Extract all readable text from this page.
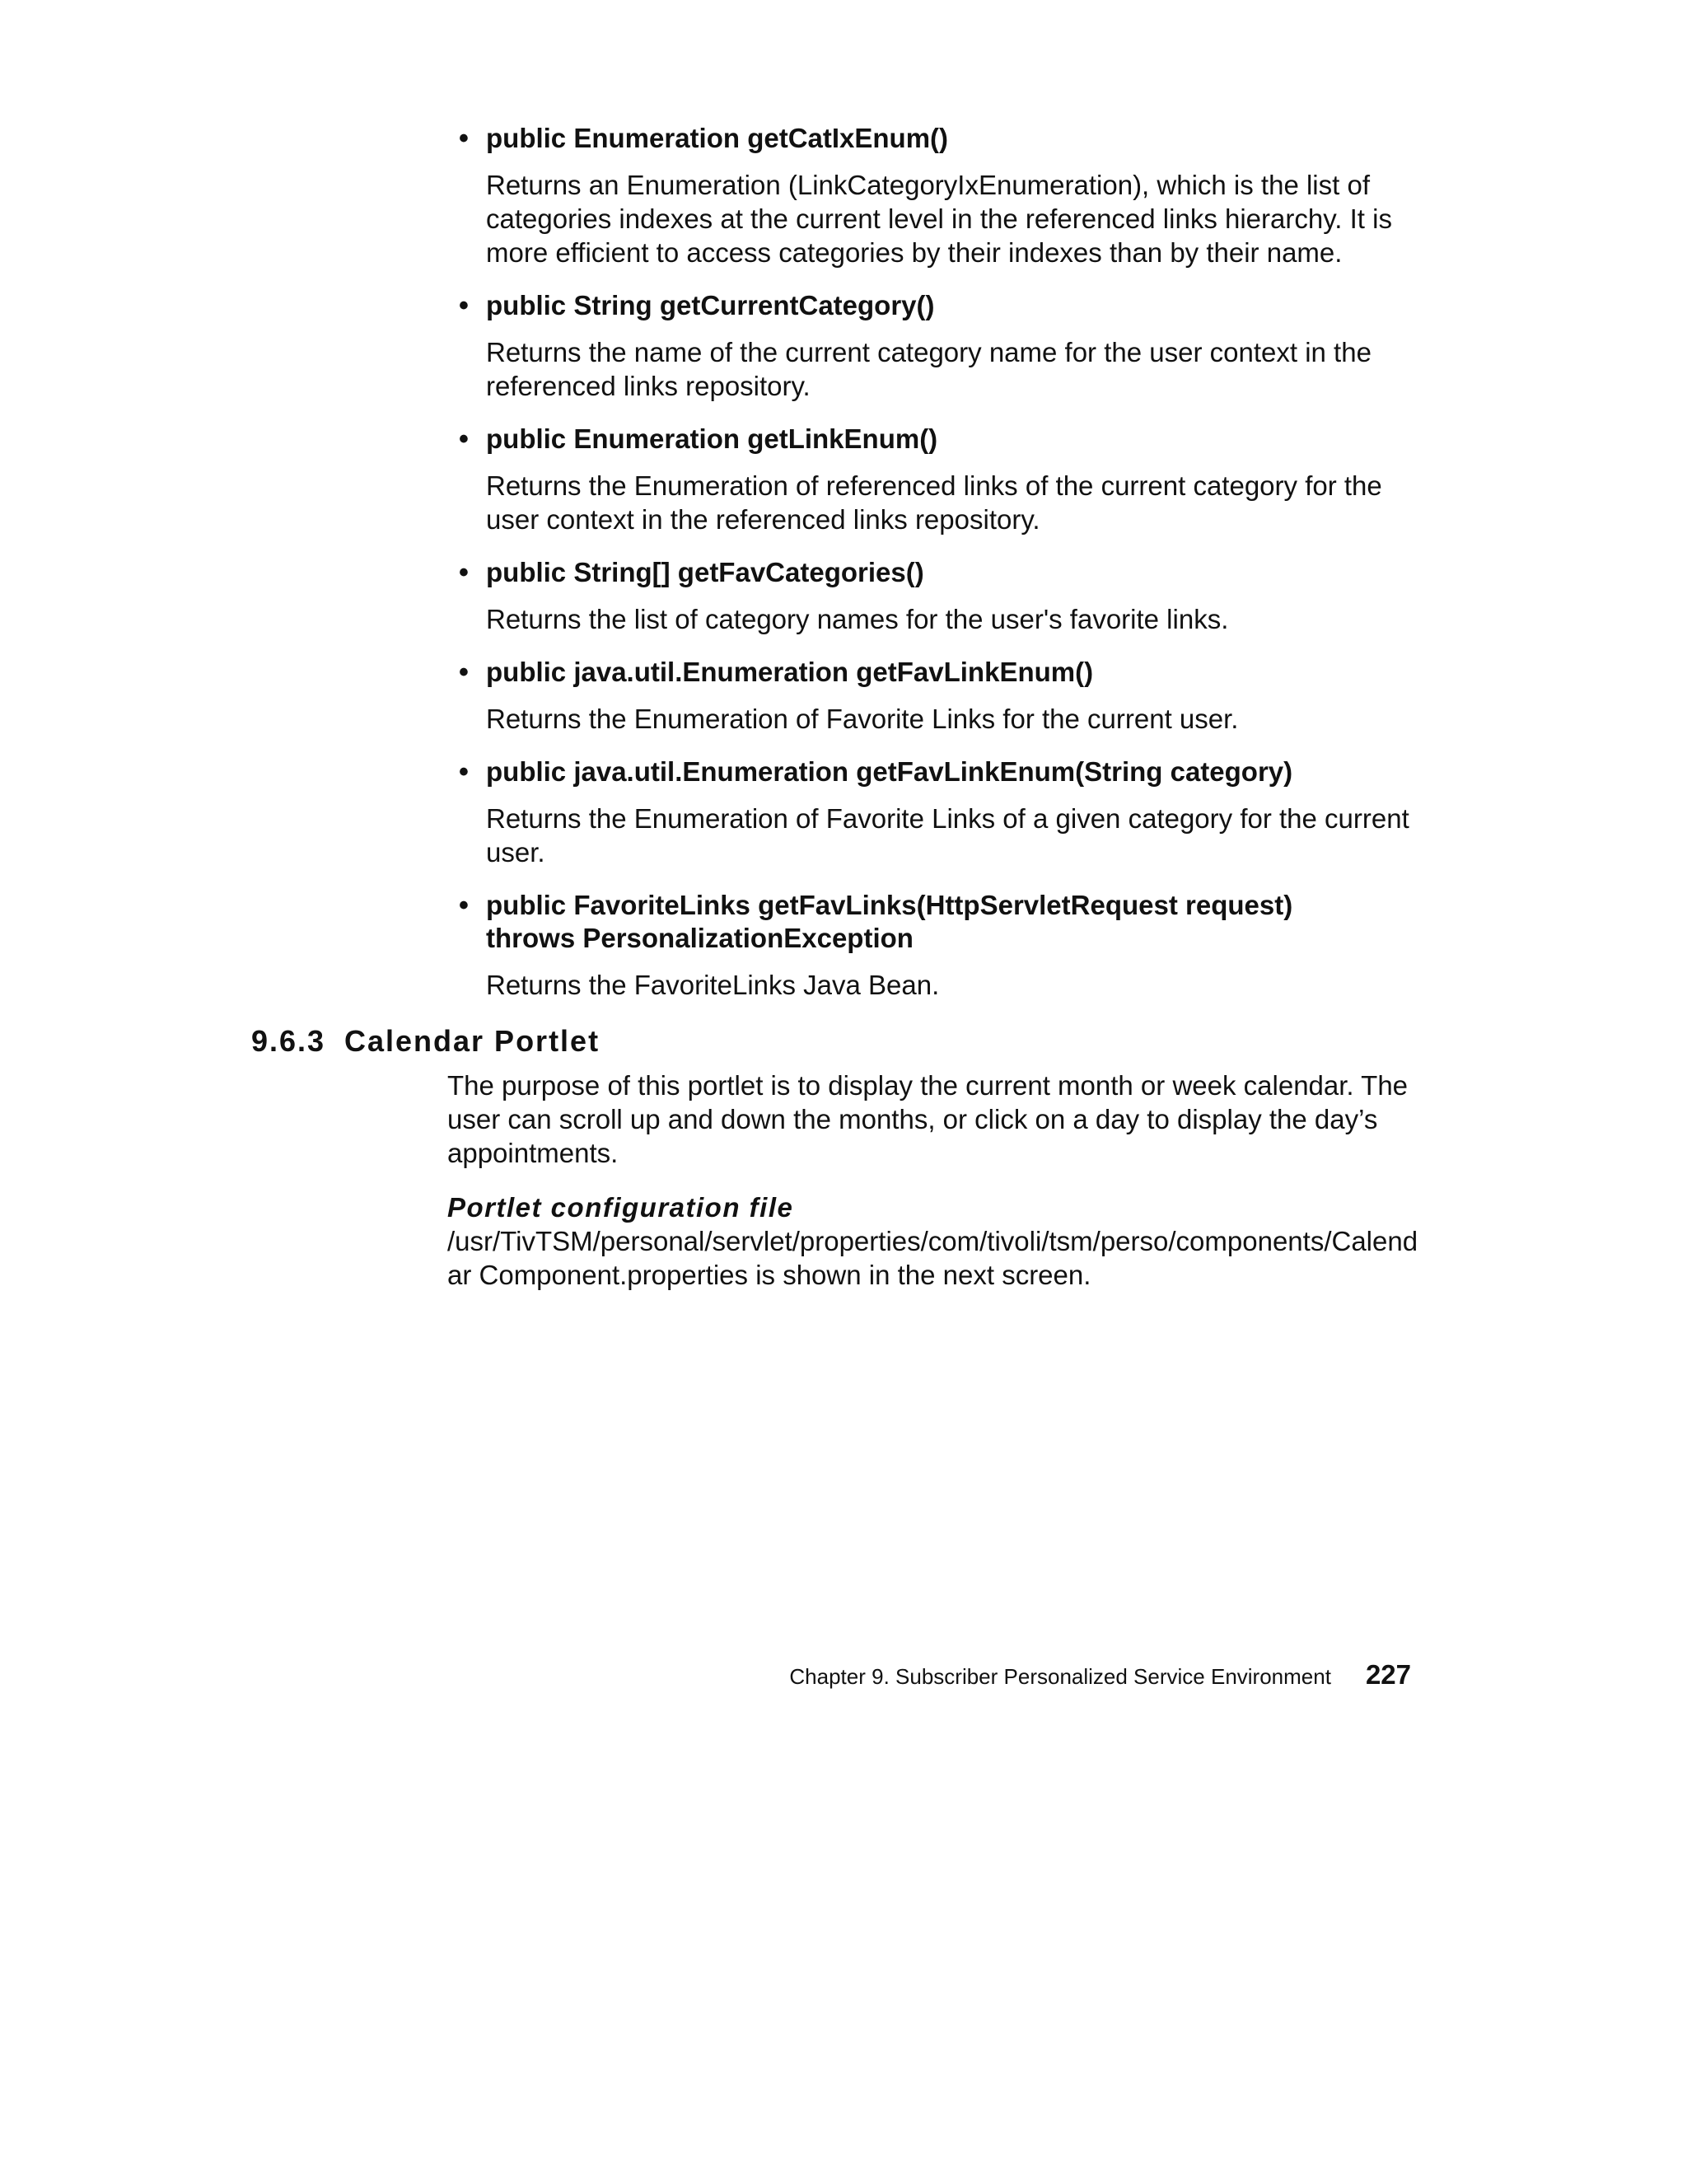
• public Enumeration getCatIxEnum()

Returns an Enumeration (LinkCategoryIxEnumeration), which is the list of categories indexes at the current level in the referenced links hierarchy. It is more efficient to access categories by their indexes than by their name.

• public String getCurrentCategory()

Returns the name of the current category name for the user context in the referenced links repository.

• public Enumeration getLinkEnum()

Returns the Enumeration of referenced links of the current category for the user context in the referenced links repository.

• public String[] getFavCategories()

Returns the list of category names for the user's favorite links.

• public java.util.Enumeration getFavLinkEnum()

Returns the Enumeration of Favorite Links for the current user.

• public java.util.Enumeration getFavLinkEnum(String category)

Returns the Enumeration of Favorite Links of a given category for the current user.

• public FavoriteLinks getFavLinks(HttpServletRequest request)
throws PersonalizationException

Returns the FavoriteLinks Java Bean.

9.6.3 Calendar Portlet

The purpose of this portlet is to display the current month or week calendar. The user can scroll up and down the months, or click on a day to display the day’s appointments.

Portlet configuration file

/usr/TivTSM/personal/servlet/properties/com/tivoli/tsm/perso/components/Calendar Component.properties is shown in the next screen.

Chapter 9. Subscriber Personalized Service Environment 227
